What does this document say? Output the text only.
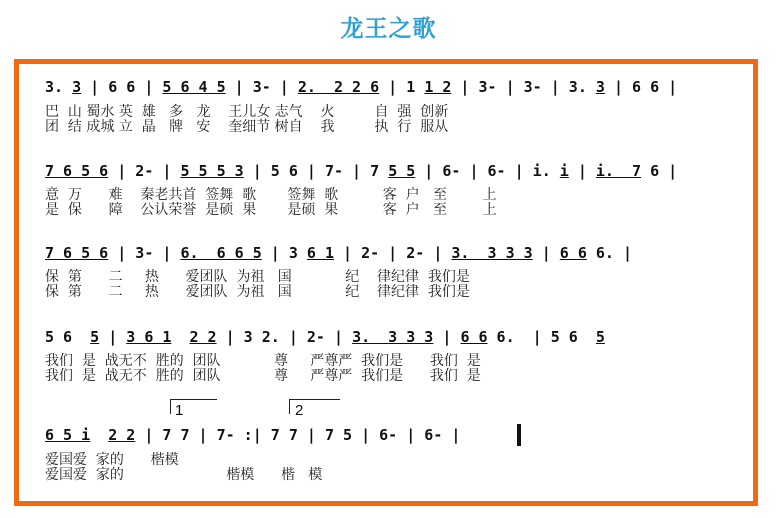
龙王之歌
3. 3 | 6 6 | 5 6 4 5 | 3- | 2.  2 2 6 | 1 1 2 | 3- | 3- | 3. 3 | 6 6 |
巴  山 蜀水 英  雄   多   龙    王儿女 志气    火         自  强  创新
团  结 成城 立  晶   牌   安    奎细节 树自    我         执  行  服从
7 6 5 6 | 2- | 5 5 5 3 | 5 6 | 7- | 7 5 5 | 6- | 6- | i. i | i.  7 6 |
意  万      难    秦老共首  签舞  歌       签舞  歌          客  户   至        上
是  保      障    公认荣誉  是硕  果       是硕  果          客  户   至        上
7 6 5 6 | 3- | 6.  6 6 5 | 3 6 1 | 2- | 2- | 3.  3 3 3 | 6 6 6. |
保  第      二     热      爱团队  为祖   国            纪    律纪律  我们是
保  第      二     热      爱团队  为祖   国            纪    律纪律  我们是
5 6  5 | 3 6 1 2 2 | 3 2. | 2- | 3.  3 3 3 | 6 6 6.  | 5 6  5
我们  是  战无不  胜的  团队            尊     严尊严  我们是      我们  是
我们  是  战无不  胜的  团队            尊     严尊严  我们是      我们  是
1	2
6 5 i 2 2 | 7 7 | 7- :| 7 7 | 7 5 | 6- | 6- |
爱国爱  家的      楷模
爱国爱  家的                       楷模      楷   模
